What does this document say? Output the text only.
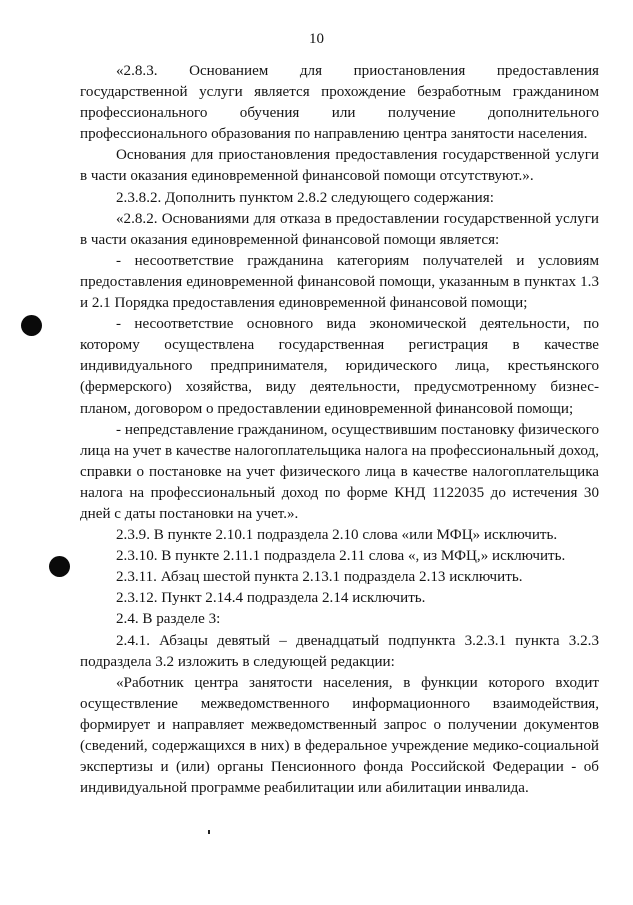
10

«2.8.3. Основанием для приостановления предоставления государственной услуги является прохождение безработным гражданином профессионального обучения или получение дополнительного профессионального образования по направлению центра занятости населения.

Основания для приостановления предоставления государственной услуги в части оказания единовременной финансовой помощи отсутствуют.».

2.3.8.2. Дополнить пунктом 2.8.2 следующего содержания:

«2.8.2. Основаниями для отказа в предоставлении государственной услуги в части оказания единовременной финансовой помощи является:

- несоответствие гражданина категориям получателей и условиям предоставления единовременной финансовой помощи, указанным в пунктах 1.3 и 2.1 Порядка предоставления единовременной финансовой помощи;

- несоответствие основного вида экономической деятельности, по которому осуществлена государственная регистрация в качестве индивидуального предпринимателя, юридического лица, крестьянского (фермерского) хозяйства, виду деятельности, предусмотренному бизнес-планом, договором о предоставлении единовременной финансовой помощи;

- непредставление гражданином, осуществившим постановку физического лица на учет в качестве налогоплательщика налога на профессиональный доход, справки о постановке на учет физического лица в качестве налогоплательщика налога на профессиональный доход по форме КНД 1122035 до истечения 30 дней с даты постановки на учет.».

2.3.9. В пункте 2.10.1 подраздела 2.10 слова «или МФЦ» исключить.

2.3.10. В пункте 2.11.1 подраздела 2.11 слова «, из МФЦ,» исключить.

2.3.11. Абзац шестой пункта 2.13.1 подраздела 2.13 исключить.

2.3.12. Пункт 2.14.4 подраздела 2.14 исключить.

2.4. В разделе 3:

2.4.1. Абзацы девятый – двенадцатый подпункта 3.2.3.1 пункта 3.2.3 подраздела 3.2 изложить в следующей редакции:

«Работник центра занятости населения, в функции которого входит осуществление межведомственного информационного взаимодействия, формирует и направляет межведомственный запрос о получении документов (сведений, содержащихся в них) в федеральное учреждение медико-социальной экспертизы и (или) органы Пенсионного фонда Российской Федерации - об индивидуальной программе реабилитации или абилитации инвалида.
